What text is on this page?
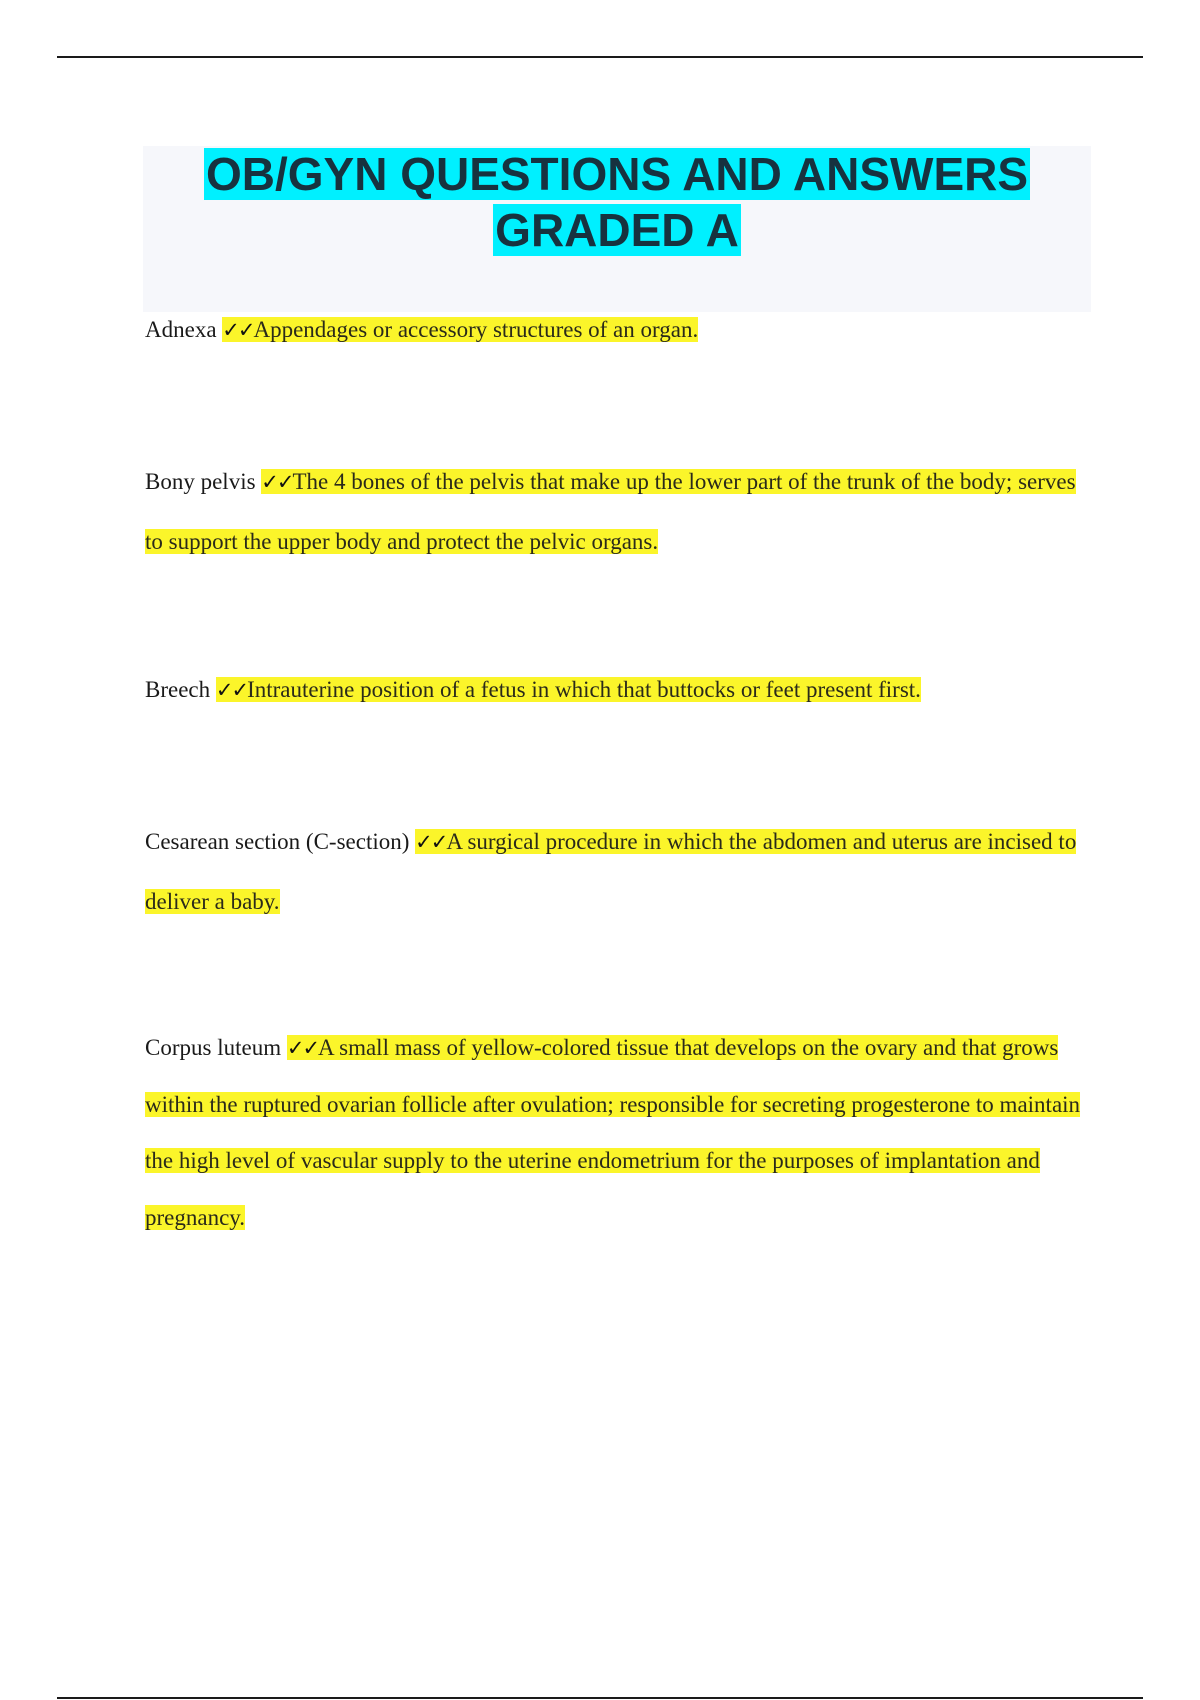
OB/GYN QUESTIONS AND ANSWERS
GRADED A

Adnexa ✓✓Appendages or accessory structures of an organ.

Bony pelvis ✓✓The 4 bones of the pelvis that make up the lower part of the trunk of the body; serves to support the upper body and protect the pelvic organs.

Breech ✓✓Intrauterine position of a fetus in which that buttocks or feet present first.

Cesarean section (C-section) ✓✓A surgical procedure in which the abdomen and uterus are incised to deliver a baby.

Corpus luteum ✓✓A small mass of yellow-colored tissue that develops on the ovary and that grows within the ruptured ovarian follicle after ovulation; responsible for secreting progesterone to maintain the high level of vascular supply to the uterine endometrium for the purposes of implantation and pregnancy.
